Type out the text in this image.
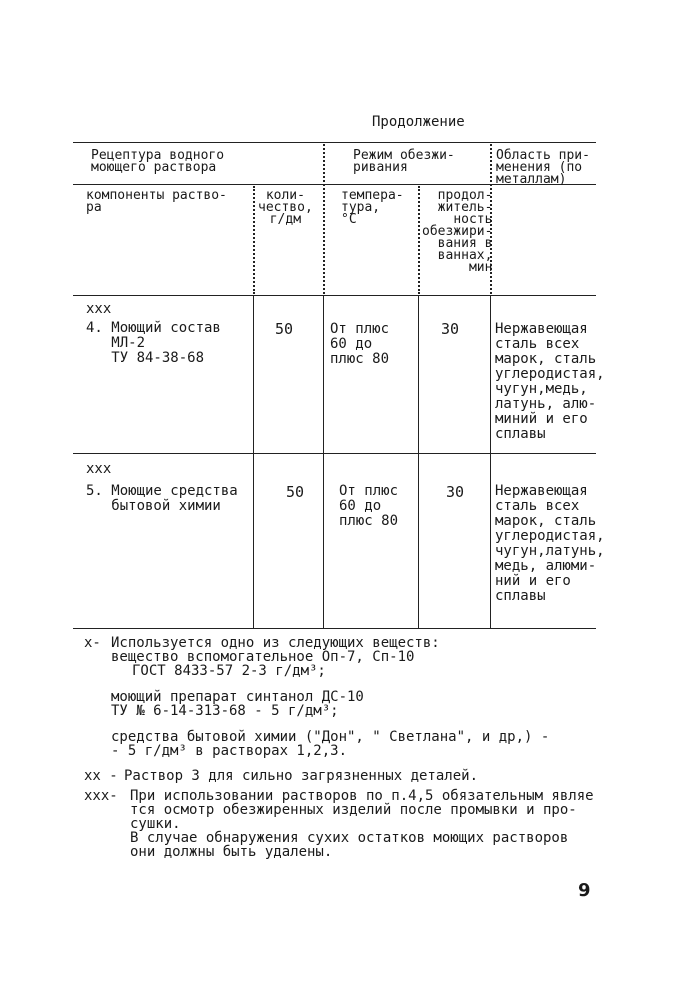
Продолжение
Рецептура водного
моющего раствора
Режим обезжи-
ривания
Область при-
менения (по
металлам)
компоненты раство-
ра
коли-
чество,
г/дм
темпера-
тура,
°С
продол-
житель-
ность
обезжири-
вания в
ваннах,
мин
xxx
4. Моющий состав
МЛ-2
ТУ 84-38-68
50	От плюс
60 до
плюс 80
30	Нержавеющая
сталь всех
марок, сталь
углеродистая,
чугун,медь,
латунь, алю-
миний и его
сплавы
xxx
5. Моющие средства
бытовой химии
50 От плюс
60 до
плюс 80
30 Нержавеющая
сталь всех
марок, сталь
углеродистая,
чугун,латунь,
медь, алюми-
ний и его
сплавы
x- Используется одно из следующих веществ:
вещество вспомогательное Оп-7, Сп-10
ГОСТ 8433-57 2-3 г/дм³;
моющий препарат синтанол ДС-10
ТУ № 6-14-313-68 - 5 г/дм³;
средства бытовой химии ("Дон", " Светлана", и др,) -
- 5 г/дм³ в растворах 1,2,3.
хх - Раствор 3 для сильно загрязненных деталей.
ххх- При использовании растворов по п.4,5 обязательным являе
тся осмотр обезжиренных изделий после промывки и про-
сушки.
В случае обнаружения сухих остатков моющих растворов
они должны быть удалены.
9
